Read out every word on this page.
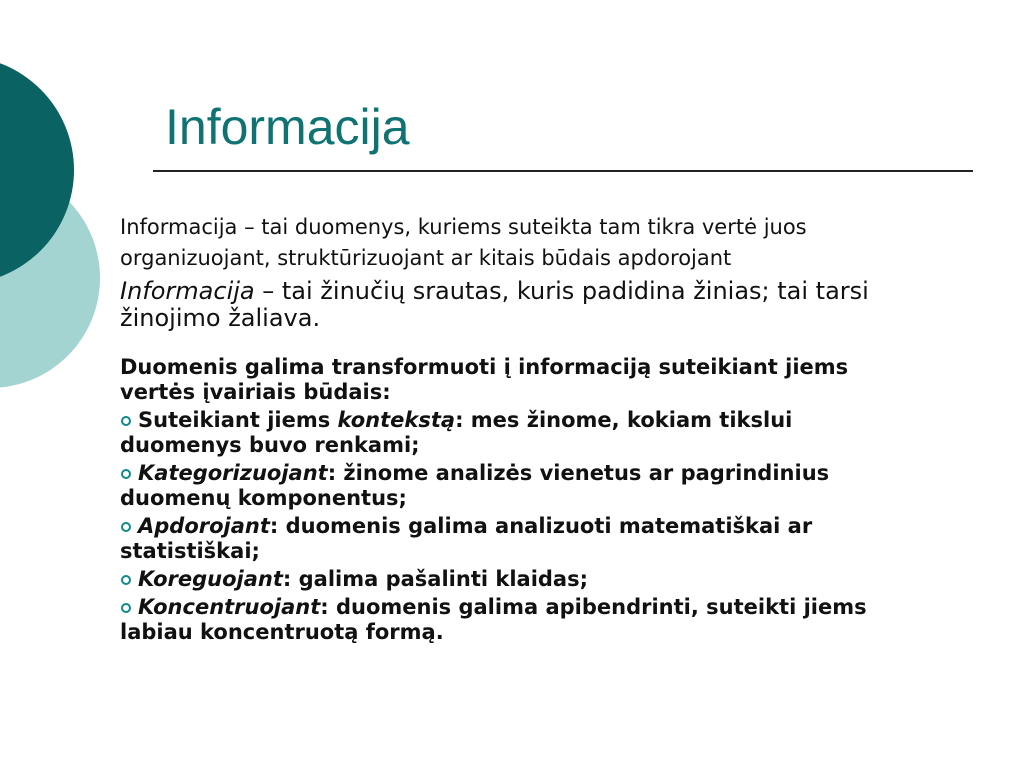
Informacija
Informacija – tai duomenys, kuriems suteikta tam tikra vertė juos organizuojant, struktūrizuojant ar kitais būdais apdorojant
Informacija – tai žinučių srautas, kuris padidina žinias; tai tarsi žinojimo žaliava.
Duomenis galima transformuoti į informaciją suteikiant jiems vertės įvairiais būdais:
Suteikiant jiems kontekstą: mes žinome, kokiam tikslui duomenys buvo renkami;
Kategorizuojant: žinome analizės vienetus ar pagrindinius duomenų komponentus;
Apdorojant: duomenis galima analizuoti matematiškai ar statistiškai;
Koreguojant: galima pašalinti klaidas;
Koncentruojant: duomenis galima apibendrinti, suteikti jiems labiau koncentruotą formą.
